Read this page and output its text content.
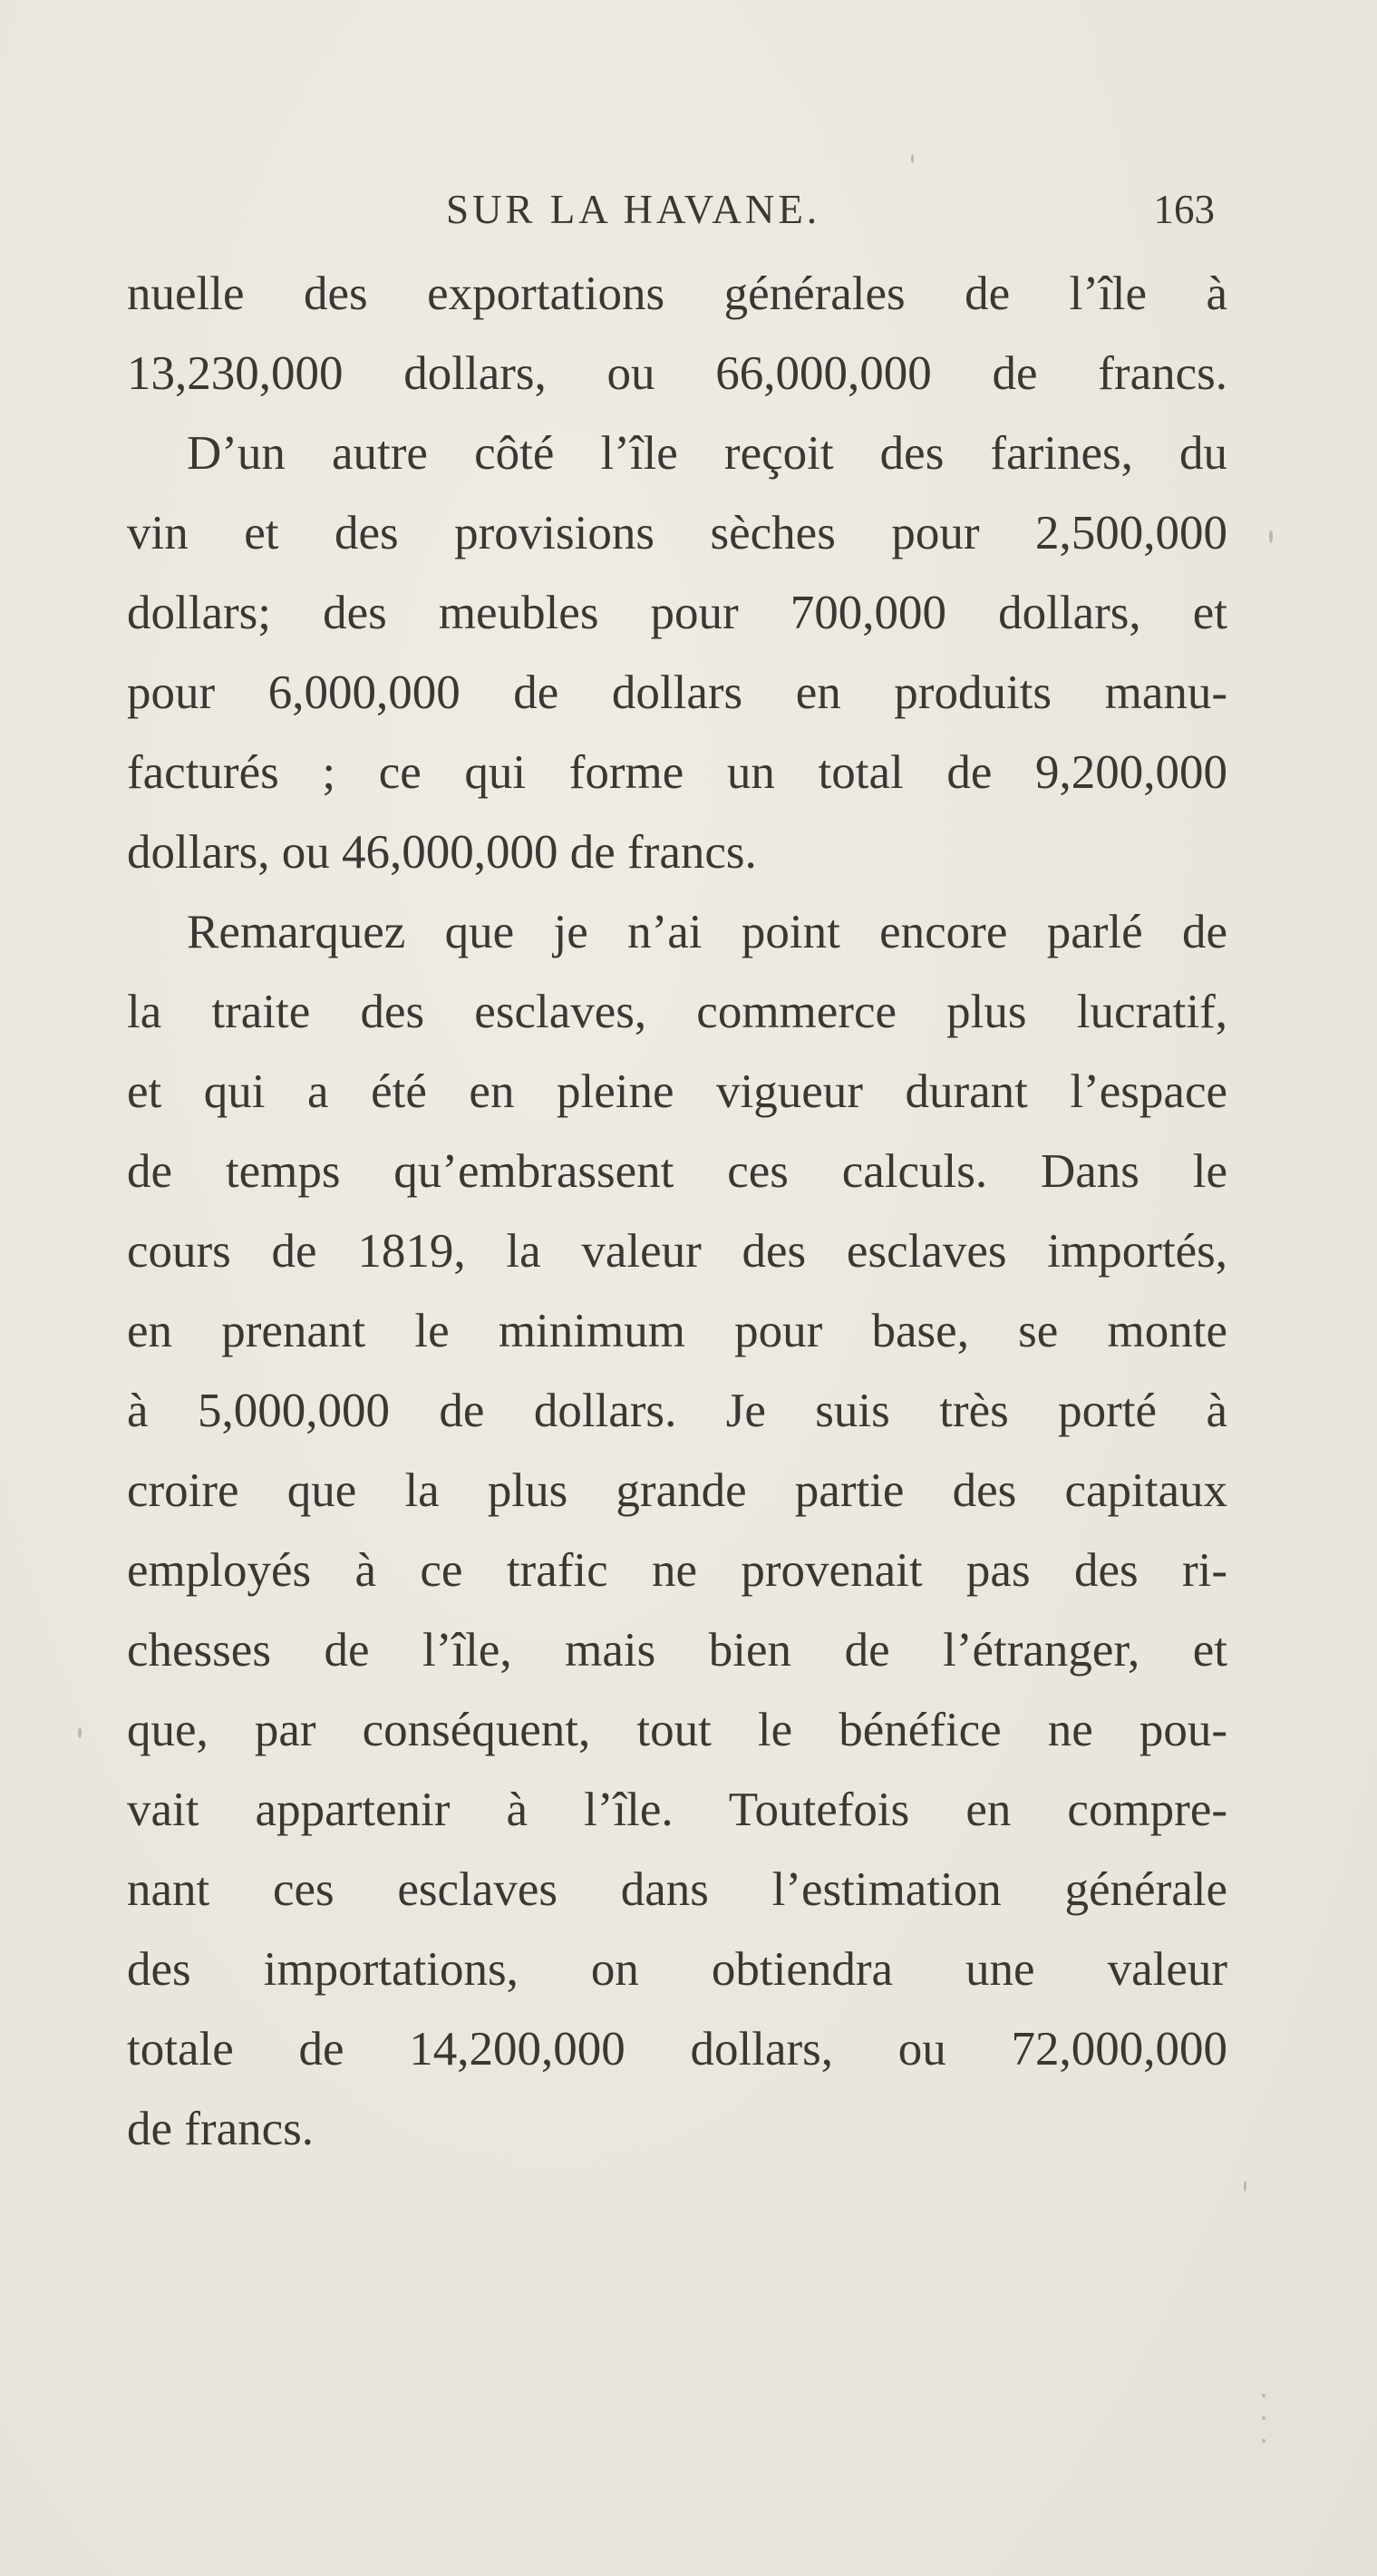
SUR LA HAVANE.	163
nuelle des exportations générales de l’île à
13,230,000 dollars, ou 66,000,000 de francs.
D’un autre côté l’île reçoit des farines, du
vin et des provisions sèches pour 2,500,000
dollars; des meubles pour 700,000 dollars, et
pour 6,000,000 de dollars en produits manu-
facturés ; ce qui forme un total de 9,200,000
dollars, ou 46,000,000 de francs.
Remarquez que je n’ai point encore parlé de
la traite des esclaves, commerce plus lucratif,
et qui a été en pleine vigueur durant l’espace
de temps qu’embrassent ces calculs. Dans le
cours de 1819, la valeur des esclaves importés,
en prenant le minimum pour base, se monte
à 5,000,000 de dollars. Je suis très porté à
croire que la plus grande partie des capitaux
employés à ce trafic ne provenait pas des ri-
chesses de l’île, mais bien de l’étranger, et
que, par conséquent, tout le bénéfice ne pou-
vait appartenir à l’île. Toutefois en compre-
nant ces esclaves dans l’estimation générale
des importations, on obtiendra une valeur
totale de 14,200,000 dollars, ou 72,000,000
de francs.
